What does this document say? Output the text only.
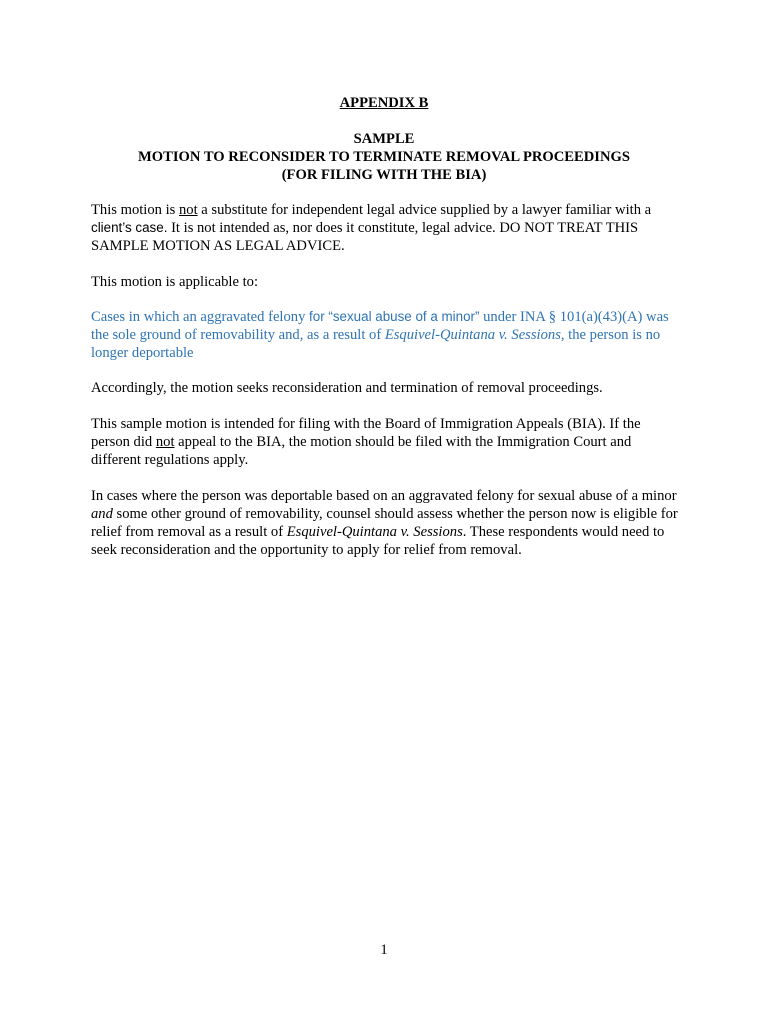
APPENDIX B
SAMPLE
MOTION TO RECONSIDER TO TERMINATE REMOVAL PROCEEDINGS
(FOR FILING WITH THE BIA)

This motion is not a substitute for independent legal advice supplied by a lawyer familiar with a client’s case. It is not intended as, nor does it constitute, legal advice. DO NOT TREAT THIS SAMPLE MOTION AS LEGAL ADVICE.

This motion is applicable to:

Cases in which an aggravated felony for “sexual abuse of a minor” under INA § 101(a)(43)(A) was the sole ground of removability and, as a result of Esquivel-Quintana v. Sessions, the person is no longer deportable

Accordingly, the motion seeks reconsideration and termination of removal proceedings.

This sample motion is intended for filing with the Board of Immigration Appeals (BIA). If the person did not appeal to the BIA, the motion should be filed with the Immigration Court and different regulations apply.

In cases where the person was deportable based on an aggravated felony for sexual abuse of a minor and some other ground of removability, counsel should assess whether the person now is eligible for relief from removal as a result of Esquivel-Quintana v. Sessions. These respondents would need to seek reconsideration and the opportunity to apply for relief from removal.

1
